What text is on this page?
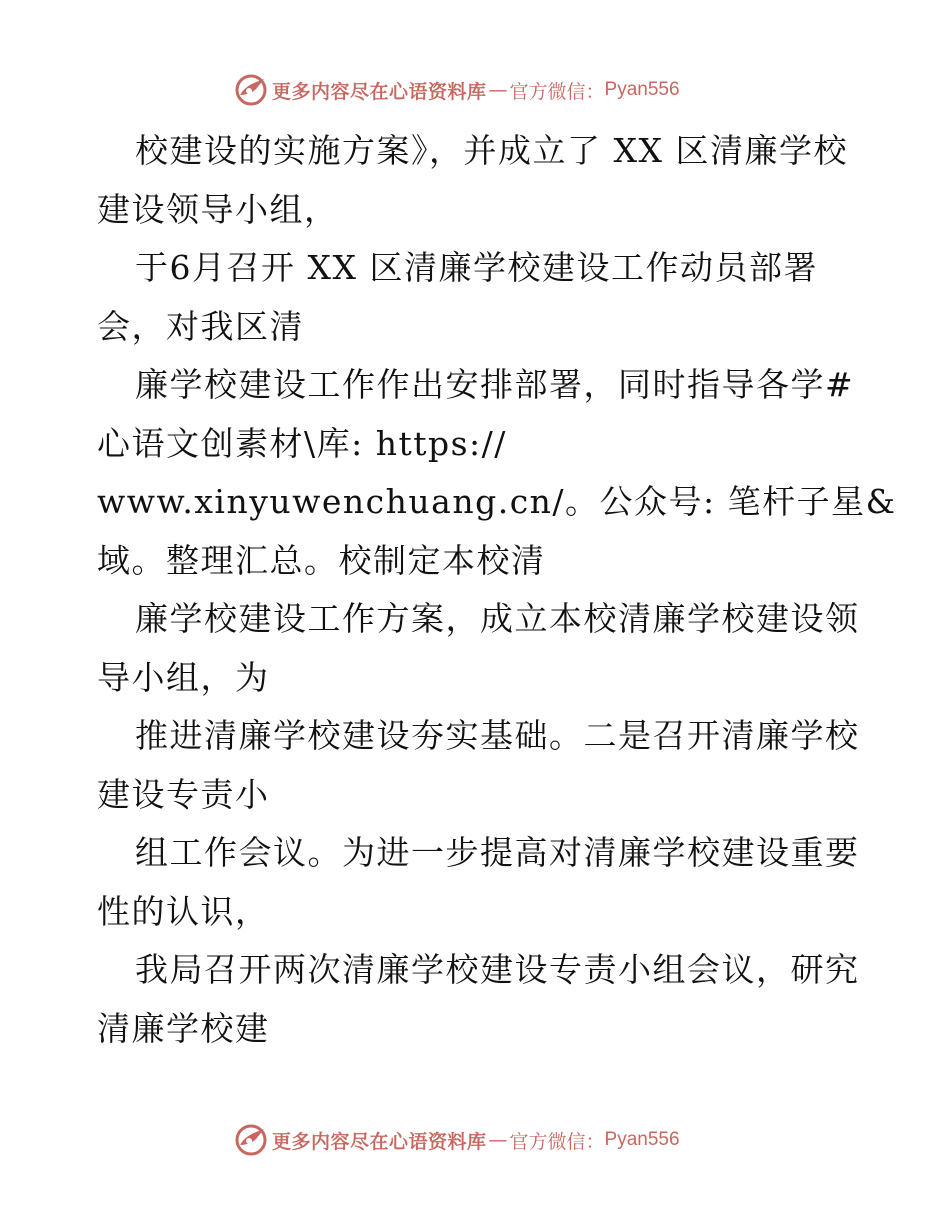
更多内容尽在心语资料库 — 官方微信： Pyan556
校建设的实施方案》，并成立了 XX 区清廉学校
建设领导小组，
于6月召开 XX 区清廉学校建设工作动员部署
会，对我区清
廉学校建设工作作出安排部署，同时指导各学#
心语文创素材\库: https://
www.xinyuwenchuang.cn/。公众号: 笔杆子星&
域。整理汇总。校制定本校清
廉学校建设工作方案，成立本校清廉学校建设领
导小组，为
推进清廉学校建设夯实基础。二是召开清廉学校
建设专责小
组工作会议。为进一步提高对清廉学校建设重要
性的认识，
我局召开两次清廉学校建设专责小组会议，研究
清廉学校建
更多内容尽在心语资料库 — 官方微信： Pyan556
